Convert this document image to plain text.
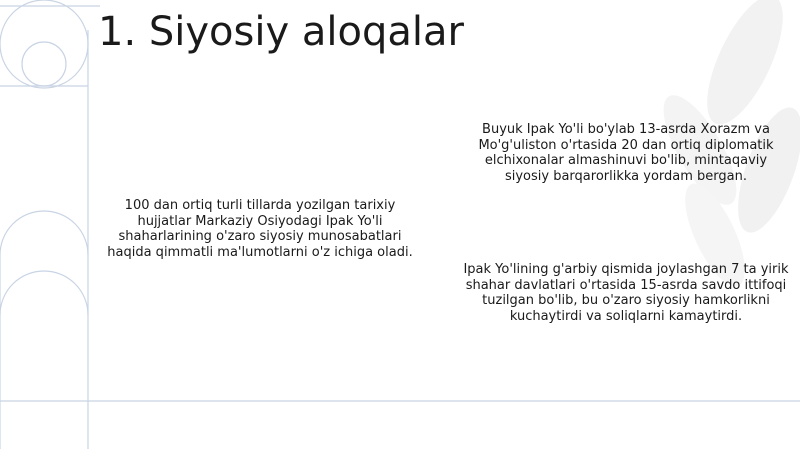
1. Siyosiy aloqalar

100 dan ortiq turli tillarda yozilgan tarixiy hujjatlar Markaziy Osiyodagi Ipak Yo'li shaharlarining o'zaro siyosiy munosabatlari haqida qimmatli ma'lumotlarni o'z ichiga oladi.

Buyuk Ipak Yo'li bo'ylab 13-asrda Xorazm va Mo'g'uliston o'rtasida 20 dan ortiq diplomatik elchixonalar almashinuvi bo'lib, mintaqaviy siyosiy barqarorlikka yordam bergan.

Ipak Yo'lining g'arbiy qismida joylashgan 7 ta yirik shahar davlatlari o'rtasida 15-asrda savdo ittifoqi tuzilgan bo'lib, bu o'zaro siyosiy hamkorlikni kuchaytirdi va soliqlarni kamaytirdi.
